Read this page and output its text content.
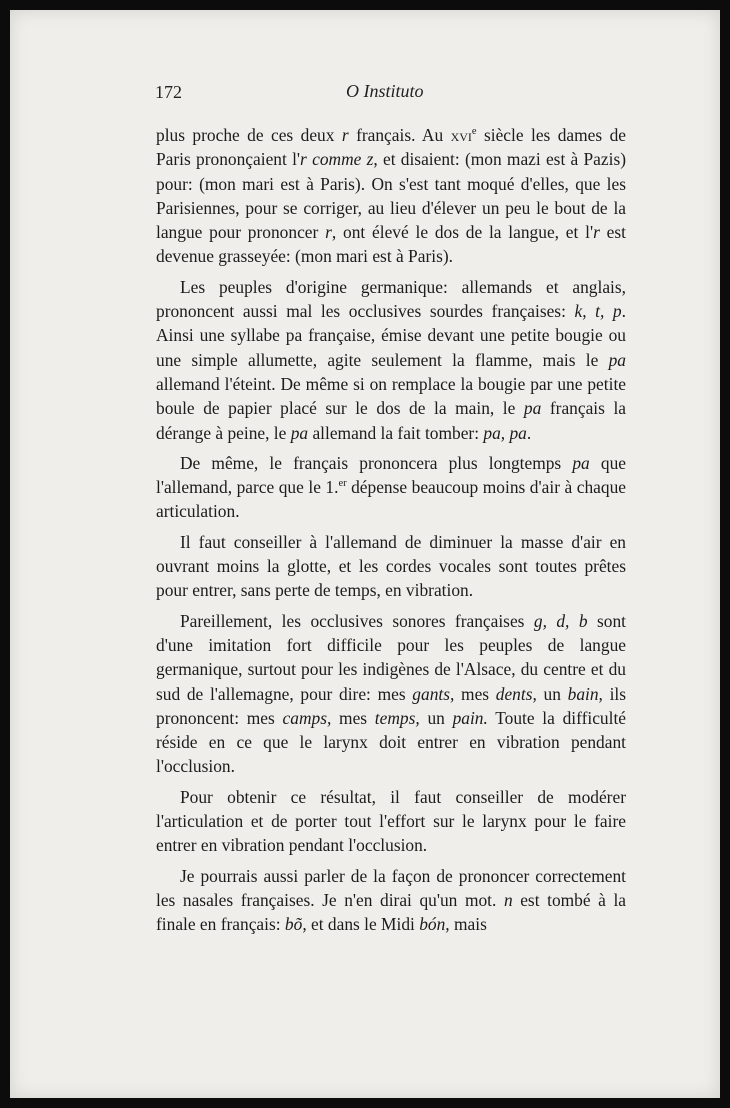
172	O Instituto

plus proche de ces deux r français. Au xvi$^e$ siècle les dames de Paris prononçaient l'r comme z, et disaient: (mon mazi est à Pazis) pour: (mon mari est à Paris). On s'est tant moqué d'elles, que les Parisiennes, pour se corriger, au lieu d'élever un peu le bout de la langue pour prononcer r, ont élevé le dos de la langue, et l'r est devenue grasseyée: (mon mari est à Paris).

Les peuples d'origine germanique: allemands et anglais, prononcent aussi mal les occlusives sourdes françaises: k, t, p. Ainsi une syllabe pa française, émise devant une petite bougie ou une simple allumette, agite seulement la flamme, mais le pa allemand l'éteint. De même si on remplace la bougie par une petite boule de papier placé sur le dos de la main, le pa français la dérange à peine, le pa allemand la fait tomber: pa, pa.

De même, le français prononcera plus longtemps pa que l'allemand, parce que le 1.$^{er}$ dépense beaucoup moins d'air à chaque articulation.

Il faut conseiller à l'allemand de diminuer la masse d'air en ouvrant moins la glotte, et les cordes vocales sont toutes prêtes pour entrer, sans perte de temps, en vibration.

Pareillement, les occlusives sonores françaises g, d, b sont d'une imitation fort difficile pour les peuples de langue germanique, surtout pour les indigènes de l'Alsace, du centre et du sud de l'allemagne, pour dire: mes gants, mes dents, un bain, ils prononcent: mes camps, mes temps, un pain. Toute la difficulté réside en ce que le larynx doit entrer en vibration pendant l'occlusion.

Pour obtenir ce résultat, il faut conseiller de modérer l'articulation et de porter tout l'effort sur le larynx pour le faire entrer en vibration pendant l'occlusion.

Je pourrais aussi parler de la façon de prononcer correctement les nasales françaises. Je n'en dirai qu'un mot. n est tombé à la finale en français: bõ, et dans le Midi bón, mais
